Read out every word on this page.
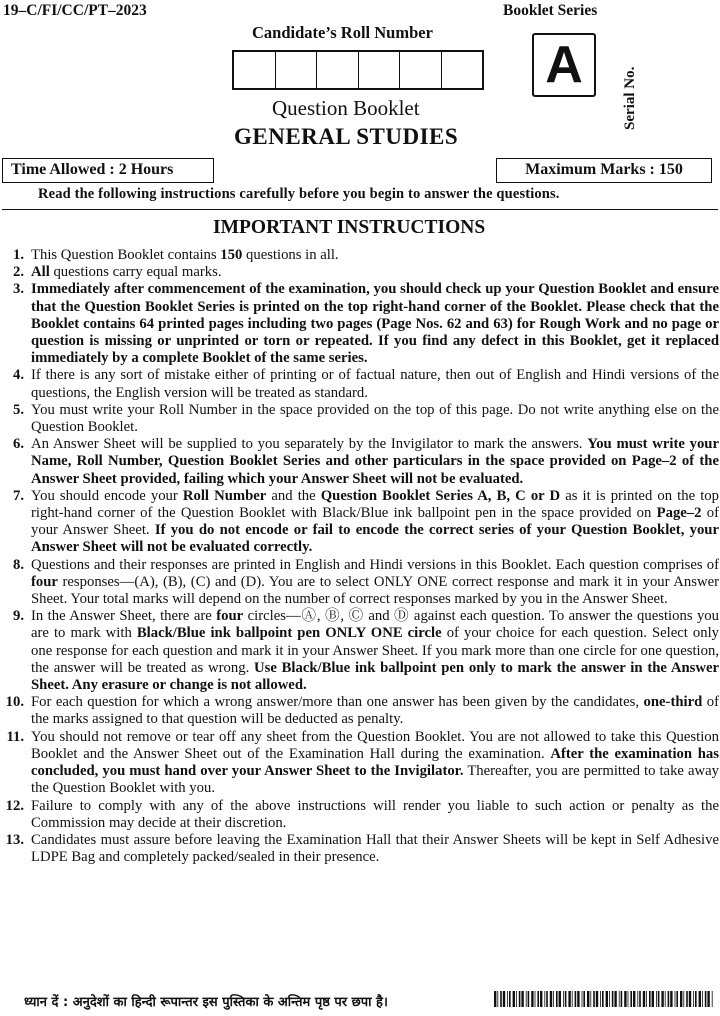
19–C/FI/CC/PT–2023	Booklet Series
Candidate’s Roll Number
A
Serial No.
Question Booklet
GENERAL STUDIES
Time Allowed : 2 Hours	Maximum Marks : 150
Read the following instructions carefully before you begin to answer the questions.
IMPORTANT INSTRUCTIONS
1. This Question Booklet contains 150 questions in all.
2. All questions carry equal marks.
3. Immediately after commencement of the examination, you should check up your Question Booklet and ensure that the Question Booklet Series is printed on the top right-hand corner of the Booklet. Please check that the Booklet contains 64 printed pages including two pages (Page Nos. 62 and 63) for Rough Work and no page or question is missing or unprinted or torn or repeated. If you find any defect in this Booklet, get it replaced immediately by a complete Booklet of the same series.
4. If there is any sort of mistake either of printing or of factual nature, then out of English and Hindi versions of the questions, the English version will be treated as standard.
5. You must write your Roll Number in the space provided on the top of this page. Do not write anything else on the Question Booklet.
6. An Answer Sheet will be supplied to you separately by the Invigilator to mark the answers. You must write your Name, Roll Number, Question Booklet Series and other particulars in the space provided on Page–2 of the Answer Sheet provided, failing which your Answer Sheet will not be evaluated.
7. You should encode your Roll Number and the Question Booklet Series A, B, C or D as it is printed on the top right-hand corner of the Question Booklet with Black/Blue ink ballpoint pen in the space provided on Page–2 of your Answer Sheet. If you do not encode or fail to encode the correct series of your Question Booklet, your Answer Sheet will not be evaluated correctly.
8. Questions and their responses are printed in English and Hindi versions in this Booklet. Each question comprises of four responses—(A), (B), (C) and (D). You are to select ONLY ONE correct response and mark it in your Answer Sheet. Your total marks will depend on the number of correct responses marked by you in the Answer Sheet.
9. In the Answer Sheet, there are four circles—Ⓐ, Ⓑ, Ⓒ and Ⓓ against each question. To answer the questions you are to mark with Black/Blue ink ballpoint pen ONLY ONE circle of your choice for each question. Select only one response for each question and mark it in your Answer Sheet. If you mark more than one circle for one question, the answer will be treated as wrong. Use Black/Blue ink ballpoint pen only to mark the answer in the Answer Sheet. Any erasure or change is not allowed.
10. For each question for which a wrong answer/more than one answer has been given by the candidates, one-third of the marks assigned to that question will be deducted as penalty.
11. You should not remove or tear off any sheet from the Question Booklet. You are not allowed to take this Question Booklet and the Answer Sheet out of the Examination Hall during the examination. After the examination has concluded, you must hand over your Answer Sheet to the Invigilator. Thereafter, you are permitted to take away the Question Booklet with you.
12. Failure to comply with any of the above instructions will render you liable to such action or penalty as the Commission may decide at their discretion.
13. Candidates must assure before leaving the Examination Hall that their Answer Sheets will be kept in Self Adhesive LDPE Bag and completely packed/sealed in their presence.
ध्यान दें : अनुदेशों का हिन्दी रूपान्तर इस पुस्तिका के अन्तिम पृष्ठ पर छपा है।
